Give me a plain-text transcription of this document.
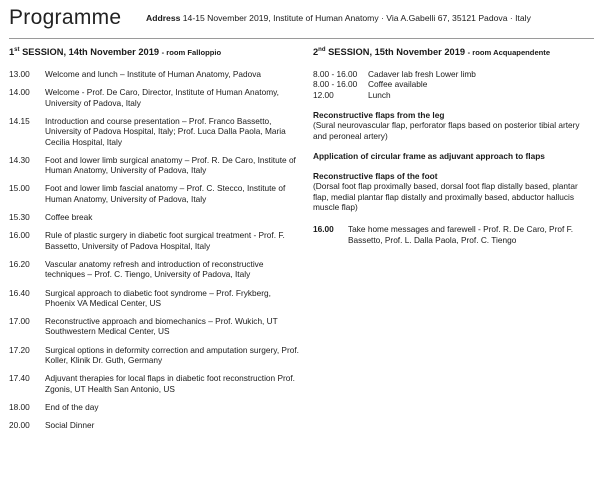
Programme	Address 14-15 November 2019, Institute of Human Anatomy · Via A.Gabelli 67, 35121 Padova · Italy
1st SESSION, 14th November 2019 - room Falloppio
13.00	Welcome and lunch – Institute of Human Anatomy, Padova
14.00	Welcome - Prof. De Caro, Director, Institute of Human Anatomy, University of Padova, Italy
14.15	Introduction and course presentation – Prof. Franco Bassetto, University of Padova Hospital, Italy; Prof. Luca Dalla Paola, Maria Cecilia Hospital, Italy
14.30	Foot and lower limb surgical anatomy – Prof. R. De Caro, Institute of Human Anatomy, University of Padova, Italy
15.00	Foot and lower limb fascial anatomy – Prof. C. Stecco, Institute of Human Anatomy, University of Padova, Italy
15.30	Coffee break
16.00	Rule of plastic surgery in diabetic foot surgical treatment - Prof. F. Bassetto, University of Padova Hospital, Italy
16.20	Vascular anatomy refresh and introduction of reconstructive techniques – Prof. C. Tiengo, University of Padova, Italy
16.40	Surgical approach to diabetic foot syndrome – Prof. Frykberg, Phoenix VA Medical Center, US
17.00	Reconstructive approach and biomechanics – Prof. Wukich, UT Southwestern Medical Center, US
17.20	Surgical options in deformity correction and amputation surgery, Prof. Koller, Klinik Dr. Guth, Germany
17.40	Adjuvant therapies for local flaps in diabetic foot reconstruction Prof. Zgonis, UT Health San Antonio, US
18.00	End of the day
20.00	Social Dinner
2nd SESSION, 15th November 2019 - room Acquapendente
8.00 - 16.00	Cadaver lab fresh Lower limb
8.00 - 16.00	Coffee available
12.00	Lunch
Reconstructive flaps from the leg
(Sural neurovascular flap, perforator flaps based on posterior tibial artery and peroneal artery)
Application of circular frame as adjuvant approach to flaps
Reconstructive flaps of the foot
(Dorsal foot flap proximally based, dorsal foot flap distally based, plantar flap, medial plantar flap distally and proximally based, abductor hallucis muscle flap)
16.00	Take home messages and farewell - Prof. R. De Caro, Prof F. Bassetto, Prof. L. Dalla Paola, Prof. C. Tiengo
